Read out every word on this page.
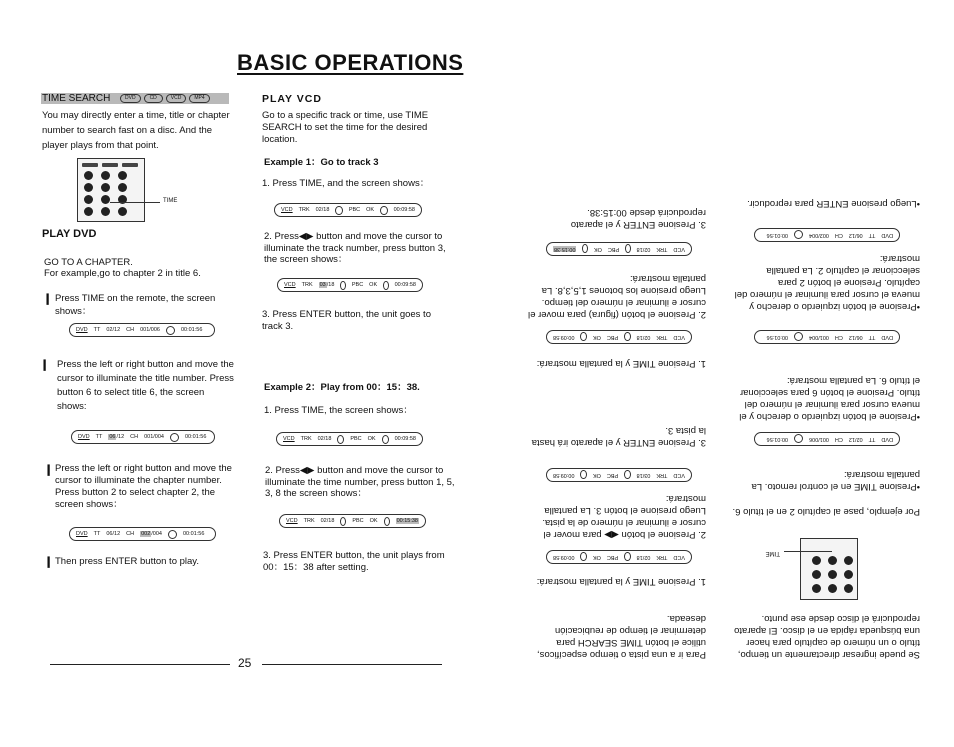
BASIC OPERATIONS
TIME SEARCH	DVD	CD	VCD	MP4
You may directly enter a time, title or chapter number to search fast on a disc. And the player plays from that point.
TIME
PLAY DVD
GO TO A CHAPTER.
For example,go to chapter 2 in title 6.
❙ Press TIME on the remote, the screen shows：
DVD TT 02/12 CH 001/006	00:01:56
❙ Press the left or right button and move the cursor to illuminate the title number. Press button 6 to select title 6, the screen shows:
DVD TT 06/12 CH 001/004	00:01:56
❙ Press the left or right button and move the cursor to illuminate the chapter number. Press button 2 to select chapter 2, the screen shows：
DVD TT 06/12 CH 002/004	00:01:56
❙ Then press ENTER button to play.
PLAY VCD
Go to a specific track or time, use TIME SEARCH to set the time for the desired location.
Example 1：Go to track 3
1. Press TIME, and the screen shows：
VCD TRK 02/18	PBC OK	00:09:58
2. Press◀▶ button and move the cursor to illuminate the track number, press button 3, the screen shows：
VCD TRK 03/18	PBC OK	00:09:58
3. Press ENTER button, the unit goes to track 3.
Example 2：Play from 00：15：38.
1. Press TIME, the screen shows：
VCD TRK 02/18	PBC OK	00:09:58
2. Press◀▶ button and move the cursor to illuminate the time number, press button 1, 5, 3, 8 the screen shows：
VCD TRK 02/18	PBC OK	00:15:38
3. Press ENTER button, the unit plays from 00：15：38 after setting.
25
Se puede ingresar directamente un tiempo, título o un número de capítulo para hacer una búsqueda rápida en el disco. El aparato reproducirá el disco desde ese punto.
TIME
Por ejemplo, pase al capítulo 2 en el título 6.
•Presione TIME en el control remoto. La pantalla mostrará:
DVD
TT
02/12
CH
001/006
00:01:56
•Presione el botón izquierdo o derecho y el mueva cursor para iluminar el número del título. Presione el botón 6 para seleccionar el título 6. La pantalla mostrará:
DVD
TT
06/12
CH
001/004
00:01:56
•Presione el botón izquierdo o derecho y mueva el cursor para iluminar el número del capítulo. Presione el botón 2 para seleccionar el capítulo 2. La pantalla mostrará:
DVD
TT
06/12
CH
002/004
00:01:56
•Luego presione ENTER para reproducir.
Para ir a una pista o tiempo específicos, utilice el botón TIME SEARCH para determinar el tiempo de reubicación deseada.
1. Presione TIME y la pantalla mostrará:
VCD
TRK
02/18
PBC
OK
00:09:58
2. Presione el botón ◀▶ para mover el cursor e iluminar el número de la pista. Luego presione el botón 3. La pantalla mostrará:
VCD
TRK
03/18
PBC
OK
00:09:58
3. Presione ENTER y el aparato irá hasta la pista 3.
1. Presione TIME y la pantalla mostrará:
VCD
TRK
02/18
PBC
OK
00:09:58
2. Presione el botón (figura) para mover el cursor e iluminar el número del tiempo. Luego presione los botones 1,5,3,8. La pantalla mostrará:
VCD
TRK
02/18
PBC
OK
00:15:38
3. Presione ENTER y el aparato reproducirá desde 00:15:38.
